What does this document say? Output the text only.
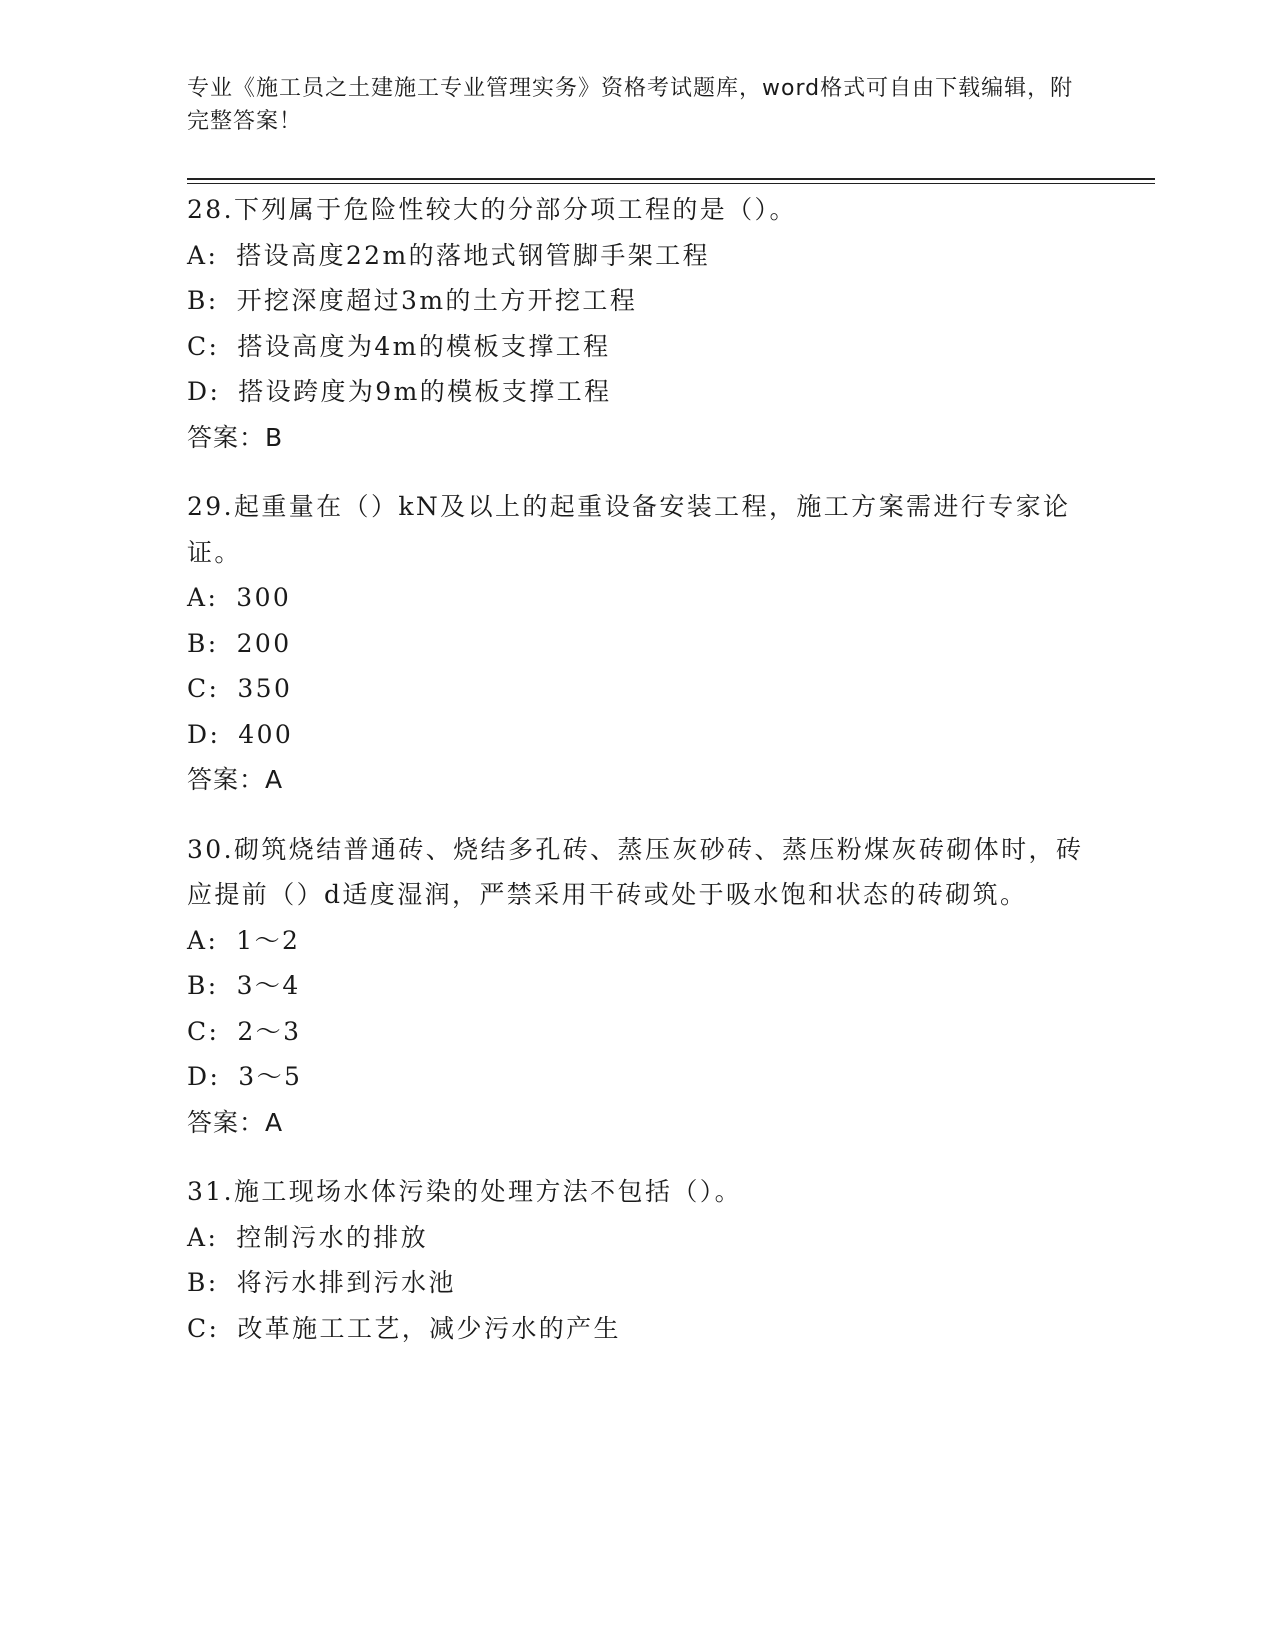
专业《施工员之土建施工专业管理实务》资格考试题库，word格式可自由下载编辑，附完整答案！

28.下列属于危险性较大的分部分项工程的是（）。

A: 搭设高度22m的落地式钢管脚手架工程

B: 开挖深度超过3m的土方开挖工程

C: 搭设高度为4m的模板支撑工程

D: 搭设跨度为9m的模板支撑工程

答案：B

29.起重量在（）kN及以上的起重设备安装工程，施工方案需进行专家论证。

A: 300

B: 200

C: 350

D: 400

答案：A

30.砌筑烧结普通砖、烧结多孔砖、蒸压灰砂砖、蒸压粉煤灰砖砌体时，砖应提前（）d适度湿润，严禁采用干砖或处于吸水饱和状态的砖砌筑。

A: 1～2

B: 3～4

C: 2～3

D: 3～5

答案：A

31.施工现场水体污染的处理方法不包括（）。

A: 控制污水的排放

B: 将污水排到污水池

C: 改革施工工艺，减少污水的产生
